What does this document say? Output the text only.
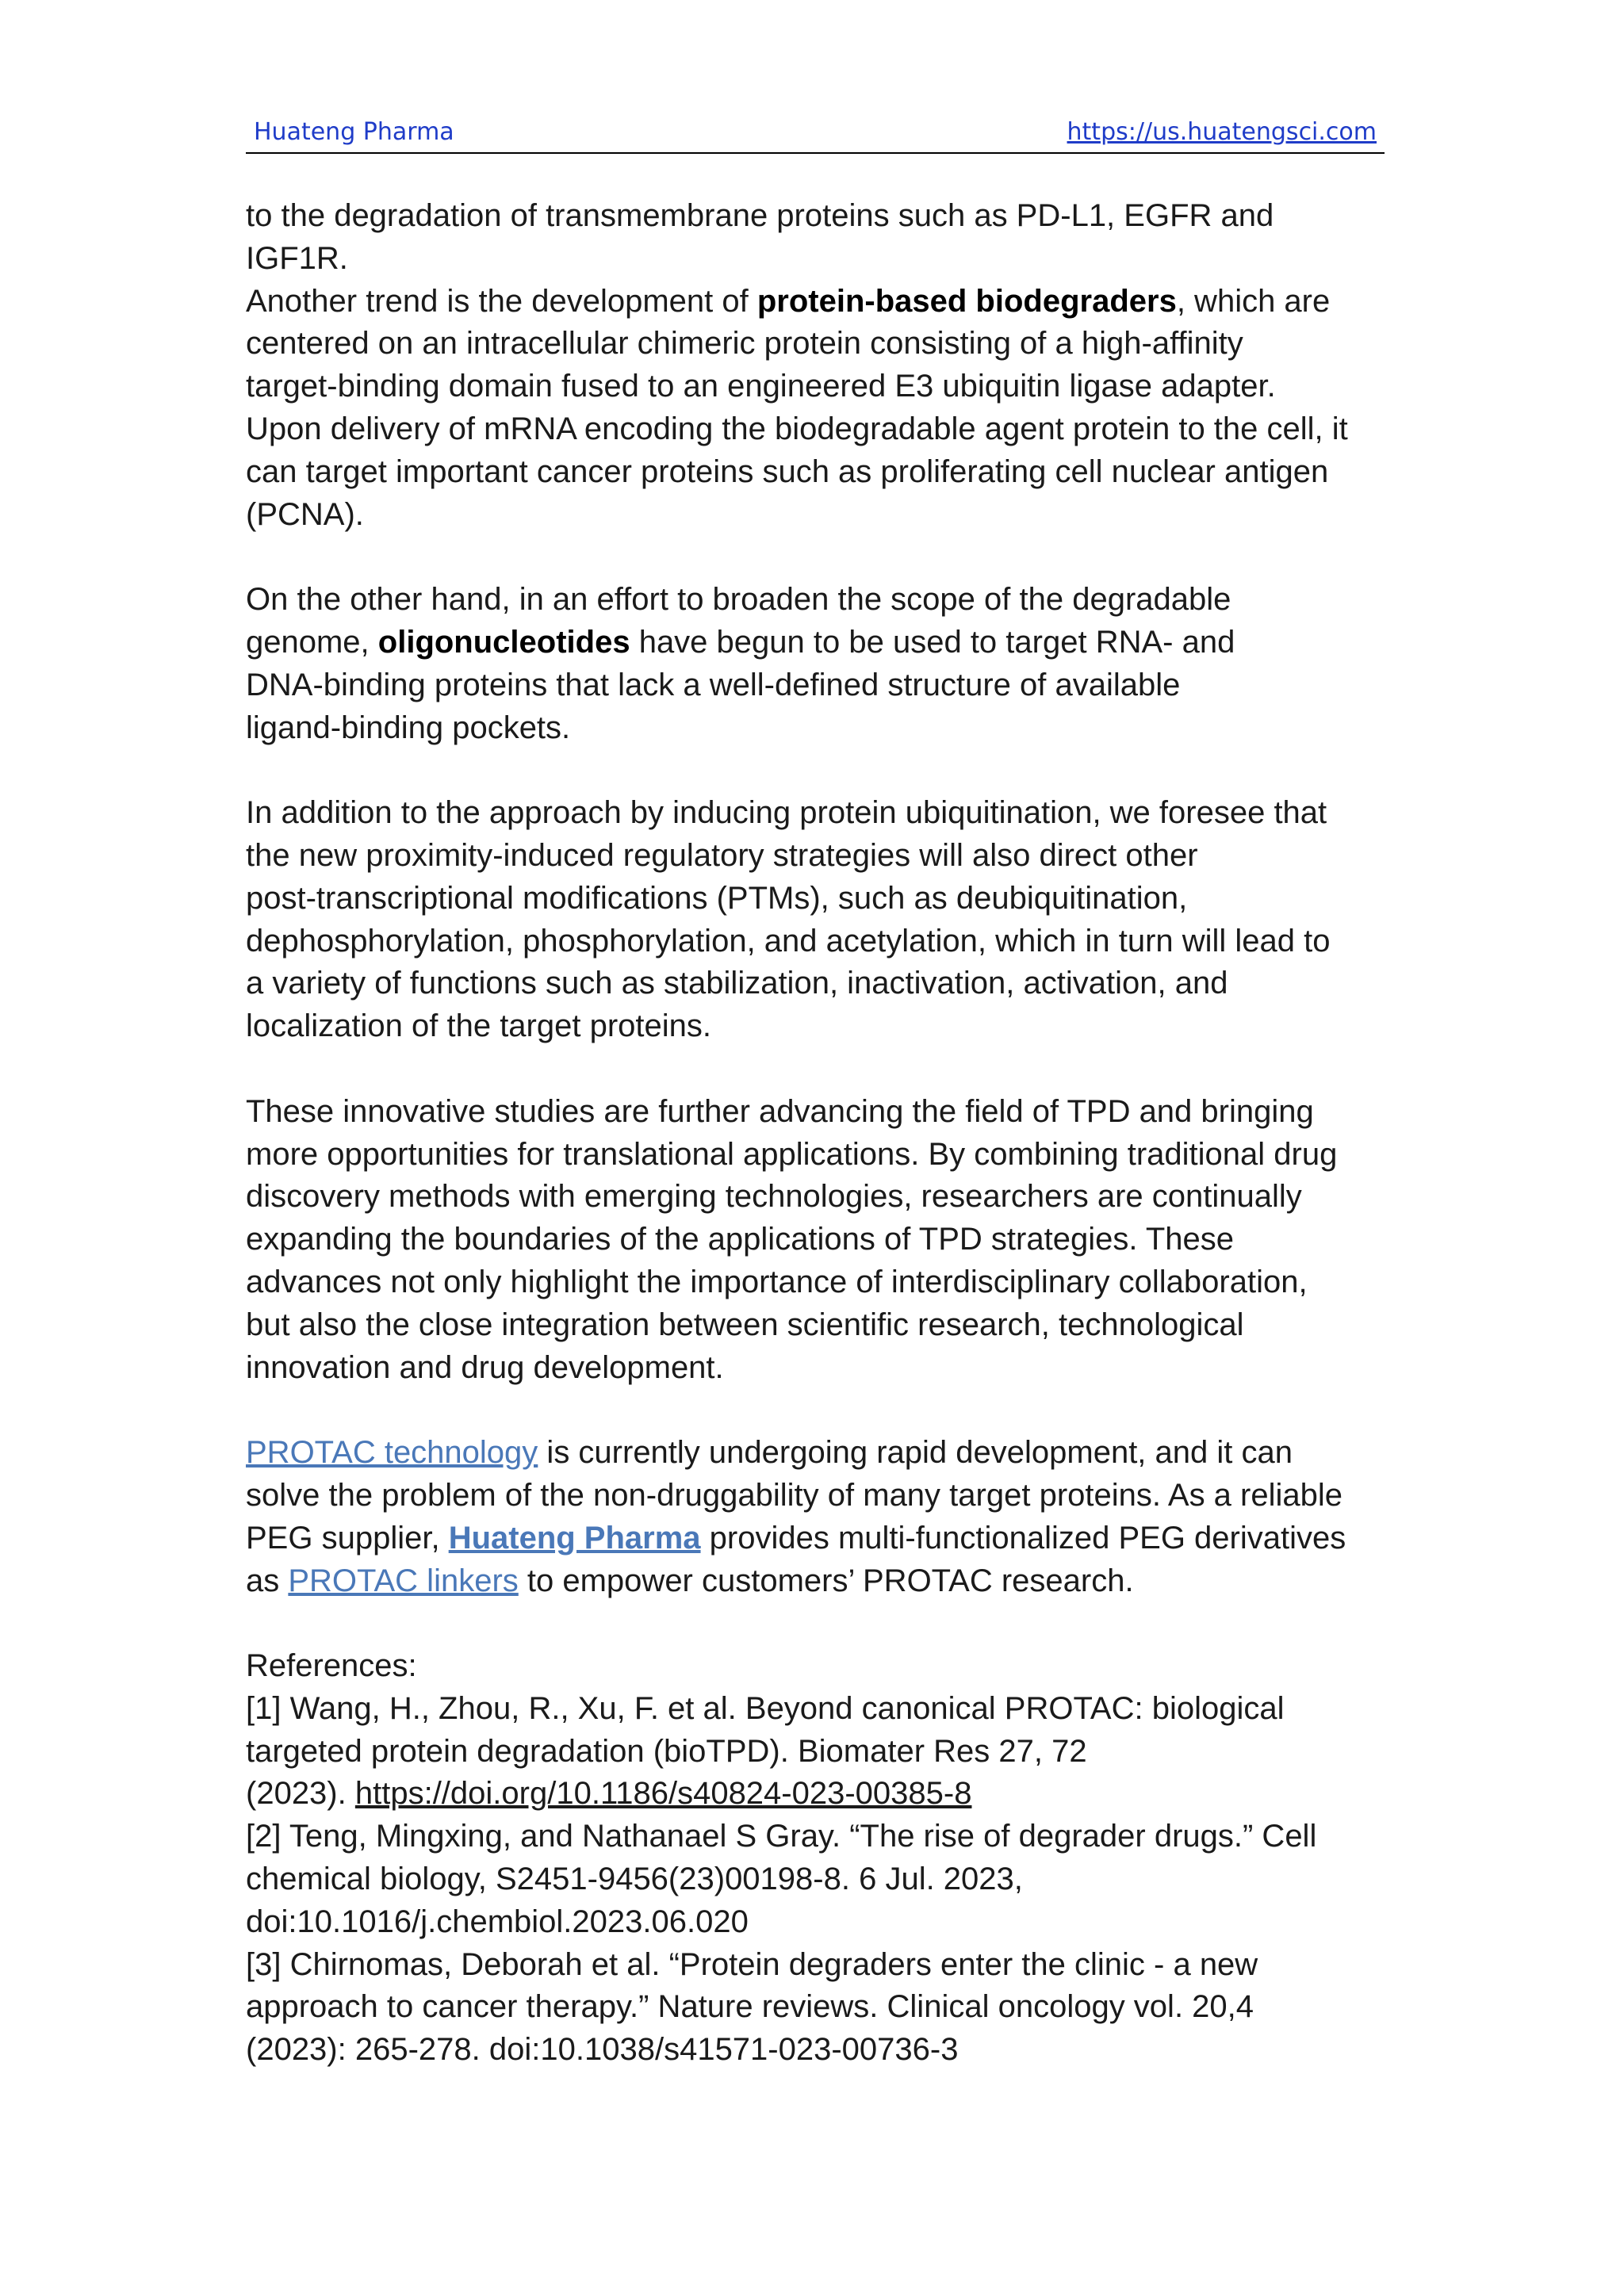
Huateng Pharma	https://us.huatengsci.com

to the degradation of transmembrane proteins such as PD-L1, EGFR and

IGF1R.

Another trend is the development of protein-based biodegraders, which are

centered on an intracellular chimeric protein consisting of a high-affinity

target-binding domain fused to an engineered E3 ubiquitin ligase adapter.

Upon delivery of mRNA encoding the biodegradable agent protein to the cell, it

can target important cancer proteins such as proliferating cell nuclear antigen

(PCNA).

On the other hand, in an effort to broaden the scope of the degradable

genome, oligonucleotides have begun to be used to target RNA- and

DNA-binding proteins that lack a well-defined structure of available

ligand-binding pockets.

In addition to the approach by inducing protein ubiquitination, we foresee that

the new proximity-induced regulatory strategies will also direct other

post-transcriptional modifications (PTMs), such as deubiquitination,

dephosphorylation, phosphorylation, and acetylation, which in turn will lead to

a variety of functions such as stabilization, inactivation, activation, and

localization of the target proteins.

These innovative studies are further advancing the field of TPD and bringing

more opportunities for translational applications. By combining traditional drug

discovery methods with emerging technologies, researchers are continually

expanding the boundaries of the applications of TPD strategies. These

advances not only highlight the importance of interdisciplinary collaboration,

but also the close integration between scientific research, technological

innovation and drug development.

PROTAC technology is currently undergoing rapid development, and it can

solve the problem of the non-druggability of many target proteins. As a reliable

PEG supplier, Huateng Pharma provides multi-functionalized PEG derivatives

as PROTAC linkers to empower customers’ PROTAC research.

References:

[1] Wang, H., Zhou, R., Xu, F. et al. Beyond canonical PROTAC: biological

targeted protein degradation (bioTPD). Biomater Res 27, 72

(2023). https://doi.org/10.1186/s40824-023-00385-8

[2] Teng, Mingxing, and Nathanael S Gray. “The rise of degrader drugs.” Cell

chemical biology, S2451-9456(23)00198-8. 6 Jul. 2023,

doi:10.1016/j.chembiol.2023.06.020

[3] Chirnomas, Deborah et al. “Protein degraders enter the clinic - a new

approach to cancer therapy.” Nature reviews. Clinical oncology vol. 20,4

(2023): 265-278. doi:10.1038/s41571-023-00736-3
